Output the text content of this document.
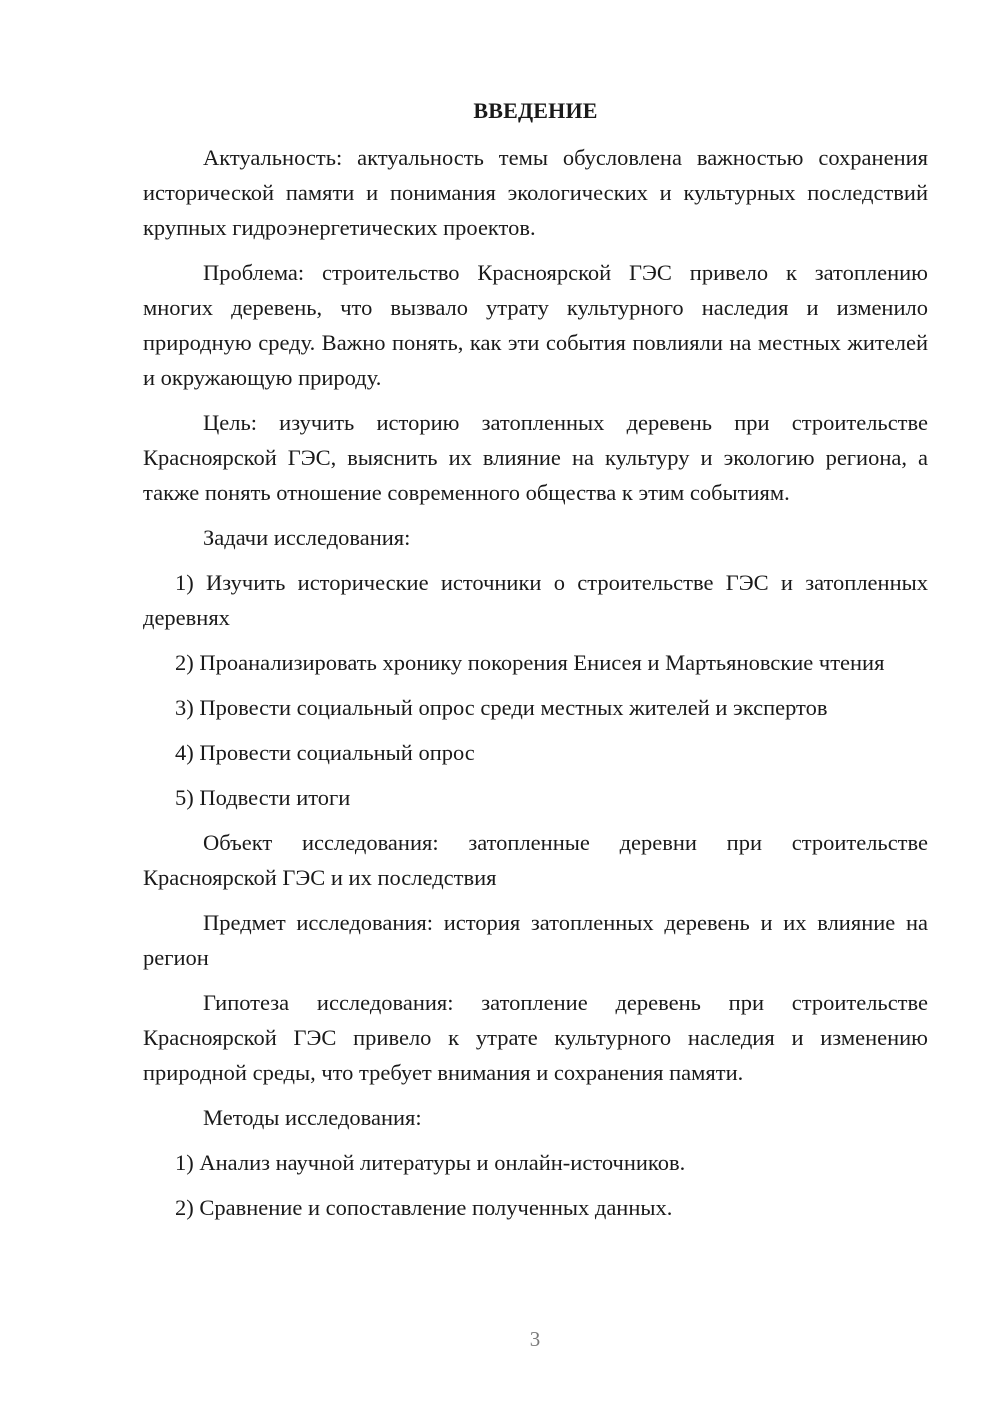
ВВЕДЕНИЕ

Актуальность: актуальность темы обусловлена важностью сохранения исторической памяти и понимания экологических и культурных последствий крупных гидроэнергетических проектов.

Проблема: строительство Красноярской ГЭС привело к затоплению многих деревень, что вызвало утрату культурного наследия и изменило природную среду. Важно понять, как эти события повлияли на местных жителей и окружающую природу.

Цель: изучить историю затопленных деревень при строительстве Красноярской ГЭС, выяснить их влияние на культуру и экологию региона, а также понять отношение современного общества к этим событиям.

Задачи исследования:

1) Изучить исторические источники о строительстве ГЭС и затопленных деревнях

2) Проанализировать хронику покорения Енисея и Мартьяновские чтения

3) Провести социальный опрос среди местных жителей и экспертов

4) Провести социальный опрос

5) Подвести итоги

Объект исследования: затопленные деревни при строительстве Красноярской ГЭС и их последствия

Предмет исследования: история затопленных деревень и их влияние на регион

Гипотеза исследования: затопление деревень при строительстве Красноярской ГЭС привело к утрате культурного наследия и изменению природной среды, что требует внимания и сохранения памяти.

Методы исследования:

1) Анализ научной литературы и онлайн-источников.

2) Сравнение и сопоставление полученных данных.

3
